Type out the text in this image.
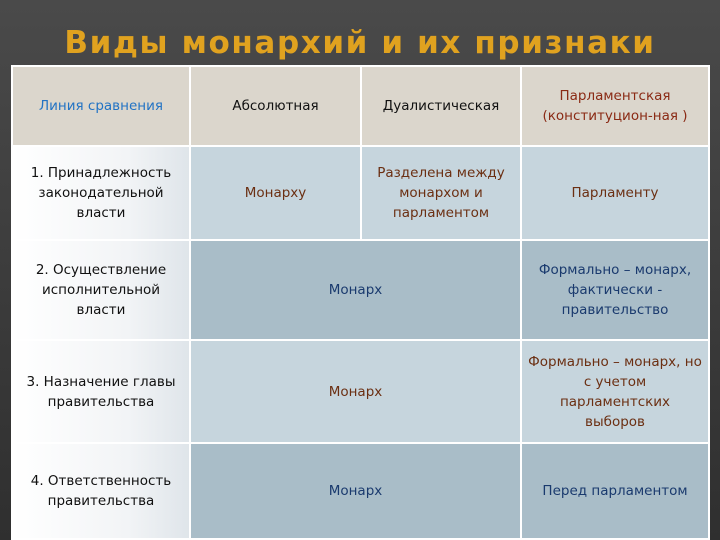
Виды монархий и их признаки
Линия сравнения	Абсолютная	Дуалистическая	Парламентская (конституцион-ная )
1. Принадлежность законодательной власти	Монарху	Разделена между монархом и парламентом	Парламенту
2. Осуществление исполнительной власти	Монарх		Формально – монарх, фактически - правительство
3. Назначение главы правительства	Монарх		Формально – монарх, но с учетом парламентских выборов
4. Ответственность правительства	Монарх		Перед парламентом
